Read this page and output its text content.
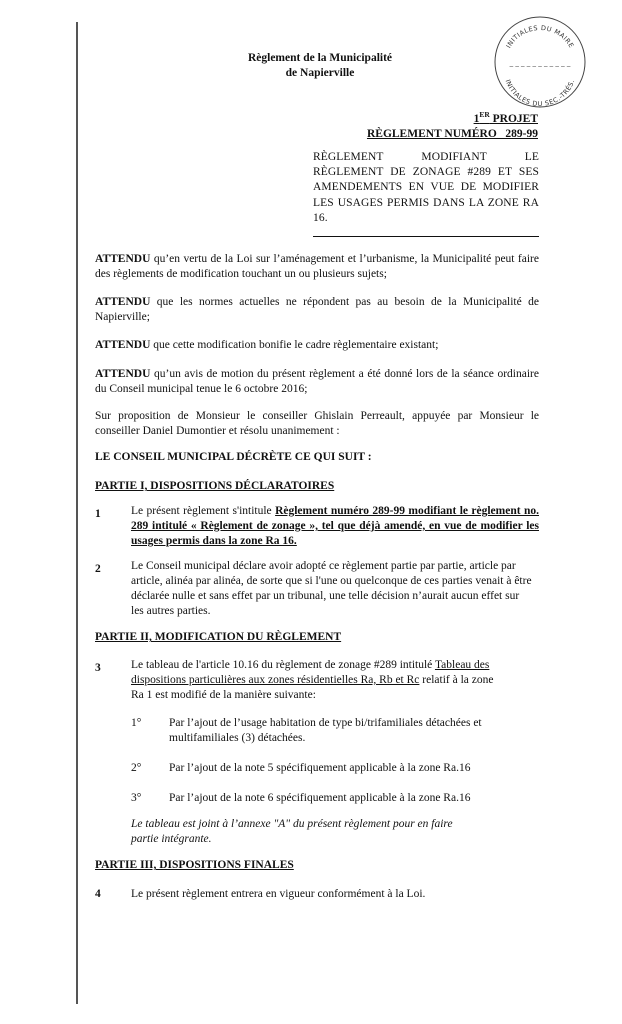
INITIALES DU MAIRE
INITIALES DU SEC.-TRÉS.
_ _ _ _ _ _ _ _ _ _ _
Règlement de la Municipalité
de Napierville
1ER PROJET
RÈGLEMENT NUMÉRO   289-99
RÈGLEMENT MODIFIANT LE RÈGLEMENT DE ZONAGE #289 ET SES AMENDEMENTS EN VUE DE MODIFIER LES USAGES PERMIS DANS LA ZONE RA 16.
ATTENDU qu’en vertu de la Loi sur l’aménagement et l’urbanisme, la Municipalité peut faire des règlements de modification touchant un ou plusieurs sujets;
ATTENDU que les normes actuelles ne répondent pas au besoin de la Municipalité de Napierville;
ATTENDU que cette modification bonifie le cadre règlementaire existant;
ATTENDU qu’un avis de motion du présent règlement a été donné lors de la séance ordinaire du Conseil municipal tenue le 6 octobre 2016;
Sur proposition de Monsieur le conseiller Ghislain Perreault, appuyée par Monsieur le conseiller Daniel Dumontier et résolu unanimement :
LE CONSEIL MUNICIPAL DÉCRÈTE CE QUI SUIT :
PARTIE I, DISPOSITIONS DÉCLARATOIRES
1	Le présent règlement s'intitule Règlement numéro 289-99 modifiant le règlement no. 289 intitulé « Règlement de zonage », tel que déjà amendé, en vue de modifier les usages permis dans la zone Ra 16.
2	Le Conseil municipal déclare avoir adopté ce règlement partie par partie, article par article, alinéa par alinéa, de sorte que si l'une ou quelconque de ces parties venait à être déclarée nulle et sans effet par un tribunal, une telle décision n’aurait aucun effet sur les autres parties.
PARTIE II, MODIFICATION DU RÈGLEMENT
3	Le tableau de l'article 10.16 du règlement de zonage #289 intitulé Tableau des dispositions particulières aux zones résidentielles Ra, Rb et Rc relatif à la zone Ra 1 est modifié de la manière suivante:
1°	Par l’ajout de l’usage habitation de type bi/trifamiliales détachées et multifamiliales (3) détachées.
2°	Par l’ajout de la note 5 spécifiquement applicable à la zone Ra.16
3°	Par l’ajout de la note 6 spécifiquement applicable à la zone Ra.16
Le tableau est joint à l’annexe "A" du présent règlement pour en faire partie intégrante.
PARTIE III, DISPOSITIONS FINALES
4	Le présent règlement entrera en vigueur conformément à la Loi.
